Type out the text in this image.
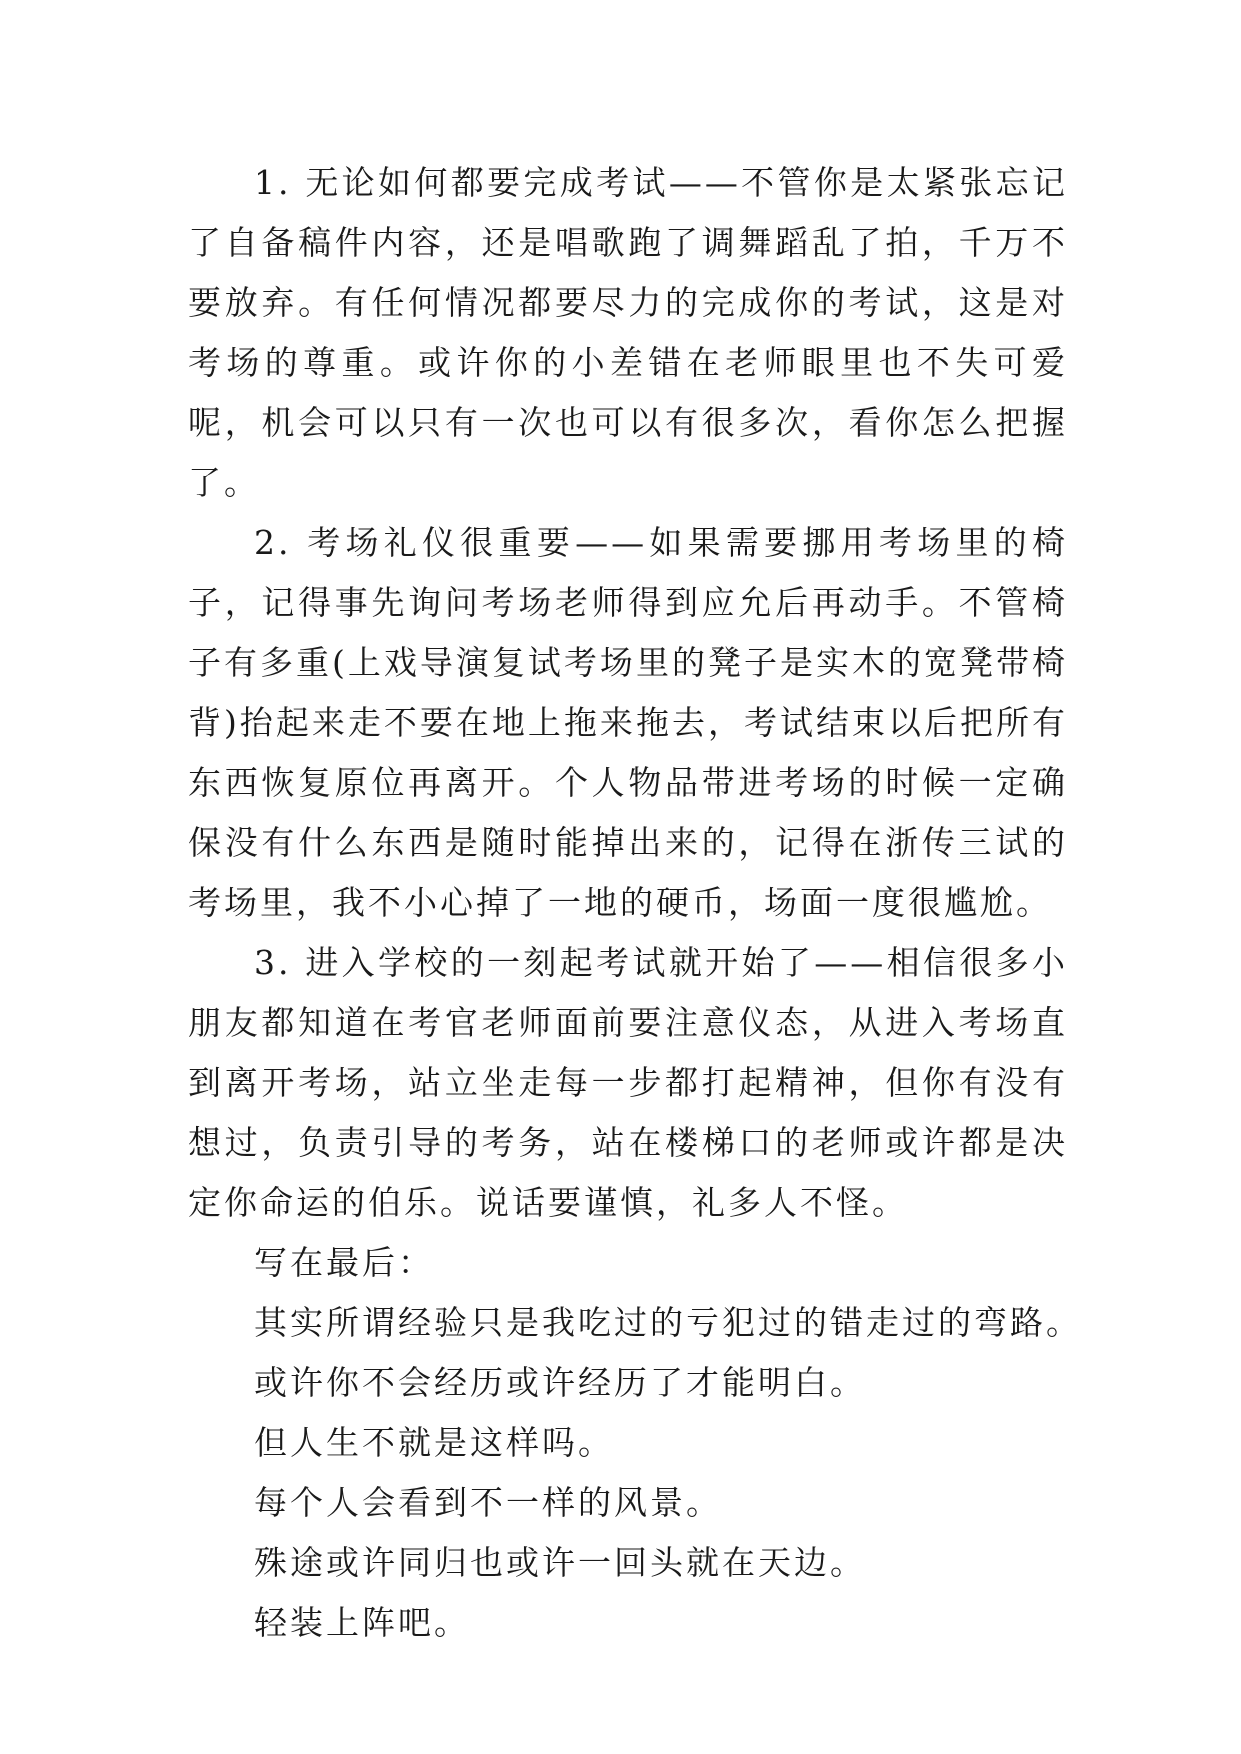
1. 无论如何都要完成考试——不管你是太紧张忘记了自备稿件内容，还是唱歌跑了调舞蹈乱了拍，千万不要放弃。有任何情况都要尽力的完成你的考试，这是对考场的尊重。或许你的小差错在老师眼里也不失可爱呢，机会可以只有一次也可以有很多次，看你怎么把握了。

2. 考场礼仪很重要——如果需要挪用考场里的椅子，记得事先询问考场老师得到应允后再动手。不管椅子有多重(上戏导演复试考场里的凳子是实木的宽凳带椅背)抬起来走不要在地上拖来拖去，考试结束以后把所有东西恢复原位再离开。个人物品带进考场的时候一定确保没有什么东西是随时能掉出来的，记得在浙传三试的考场里，我不小心掉了一地的硬币，场面一度很尴尬。

3. 进入学校的一刻起考试就开始了——相信很多小朋友都知道在考官老师面前要注意仪态，从进入考场直到离开考场，站立坐走每一步都打起精神，但你有没有想过，负责引导的考务，站在楼梯口的老师或许都是决定你命运的伯乐。说话要谨慎，礼多人不怪。

写在最后：

其实所谓经验只是我吃过的亏犯过的错走过的弯路。

或许你不会经历或许经历了才能明白。

但人生不就是这样吗。

每个人会看到不一样的风景。

殊途或许同归也或许一回头就在天边。

轻装上阵吧。
